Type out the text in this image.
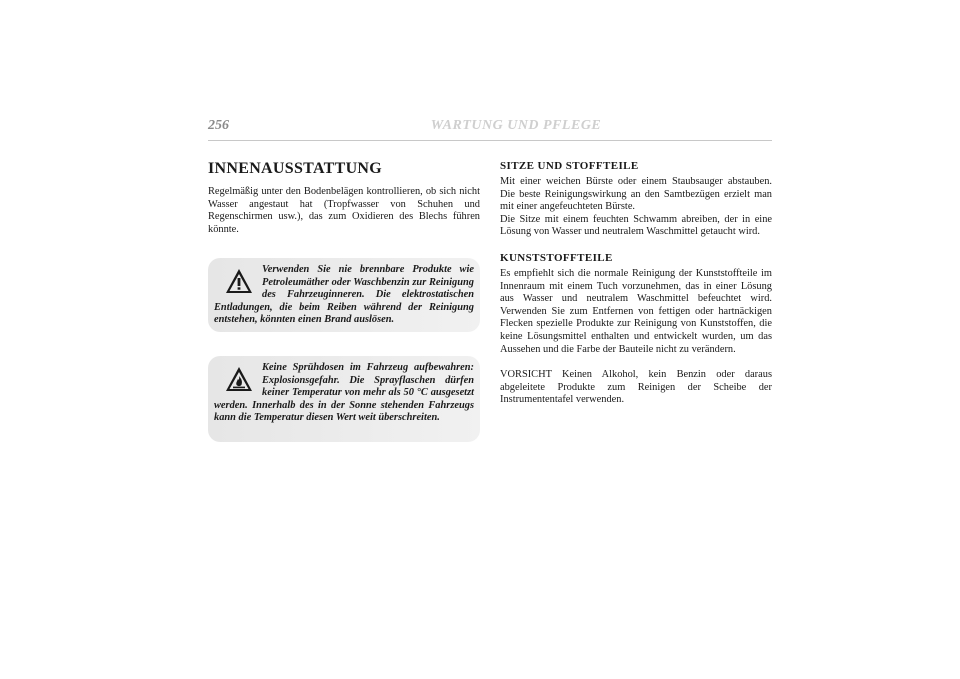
256	WARTUNG UND PFLEGE
INNENAUSSTATTUNG

Regelmäßig unter den Bodenbelägen kontrollieren, ob sich nicht Wasser angestaut hat (Tropfwasser von Schuhen und Regenschirmen usw.), das zum Oxidieren des Blechs führen könnte.

Verwenden Sie nie brennbare Produkte wie Petroleumäther oder Waschbenzin zur Reinigung des Fahrzeuginneren. Die elektrostatischen Entladungen, die beim Reiben während der Reinigung entstehen, könnten einen Brand auslösen.

Keine Sprühdosen im Fahrzeug aufbewahren: Explosionsgefahr. Die Sprayflaschen dürfen keiner Temperatur von mehr als 50 °C ausgesetzt werden. Innerhalb des in der Sonne stehenden Fahrzeugs kann die Temperatur diesen Wert weit überschreiten.

SITZE UND STOFFTEILE

Mit einer weichen Bürste oder einem Staubsauger abstauben. Die beste Reinigungswirkung an den Samtbezügen erzielt man mit einer angefeuchteten Bürste.

Die Sitze mit einem feuchten Schwamm abreiben, der in eine Lösung von Wasser und neutralem Waschmittel getaucht wird.

KUNSTSTOFFTEILE

Es empfiehlt sich die normale Reinigung der Kunststoffteile im Innenraum mit einem Tuch vorzunehmen, das in einer Lösung aus Wasser und neutralem Waschmittel befeuchtet wird. Verwenden Sie zum Entfernen von fettigen oder hartnäckigen Flecken spezielle Produkte zur Reinigung von Kunststoffen, die keine Lösungsmittel enthalten und entwickelt wurden, um das Aussehen und die Farbe der Bauteile nicht zu verändern.

VORSICHT Keinen Alkohol, kein Benzin oder daraus abgeleitete Produkte zum Reinigen der Scheibe der Instrumententafel verwenden.
